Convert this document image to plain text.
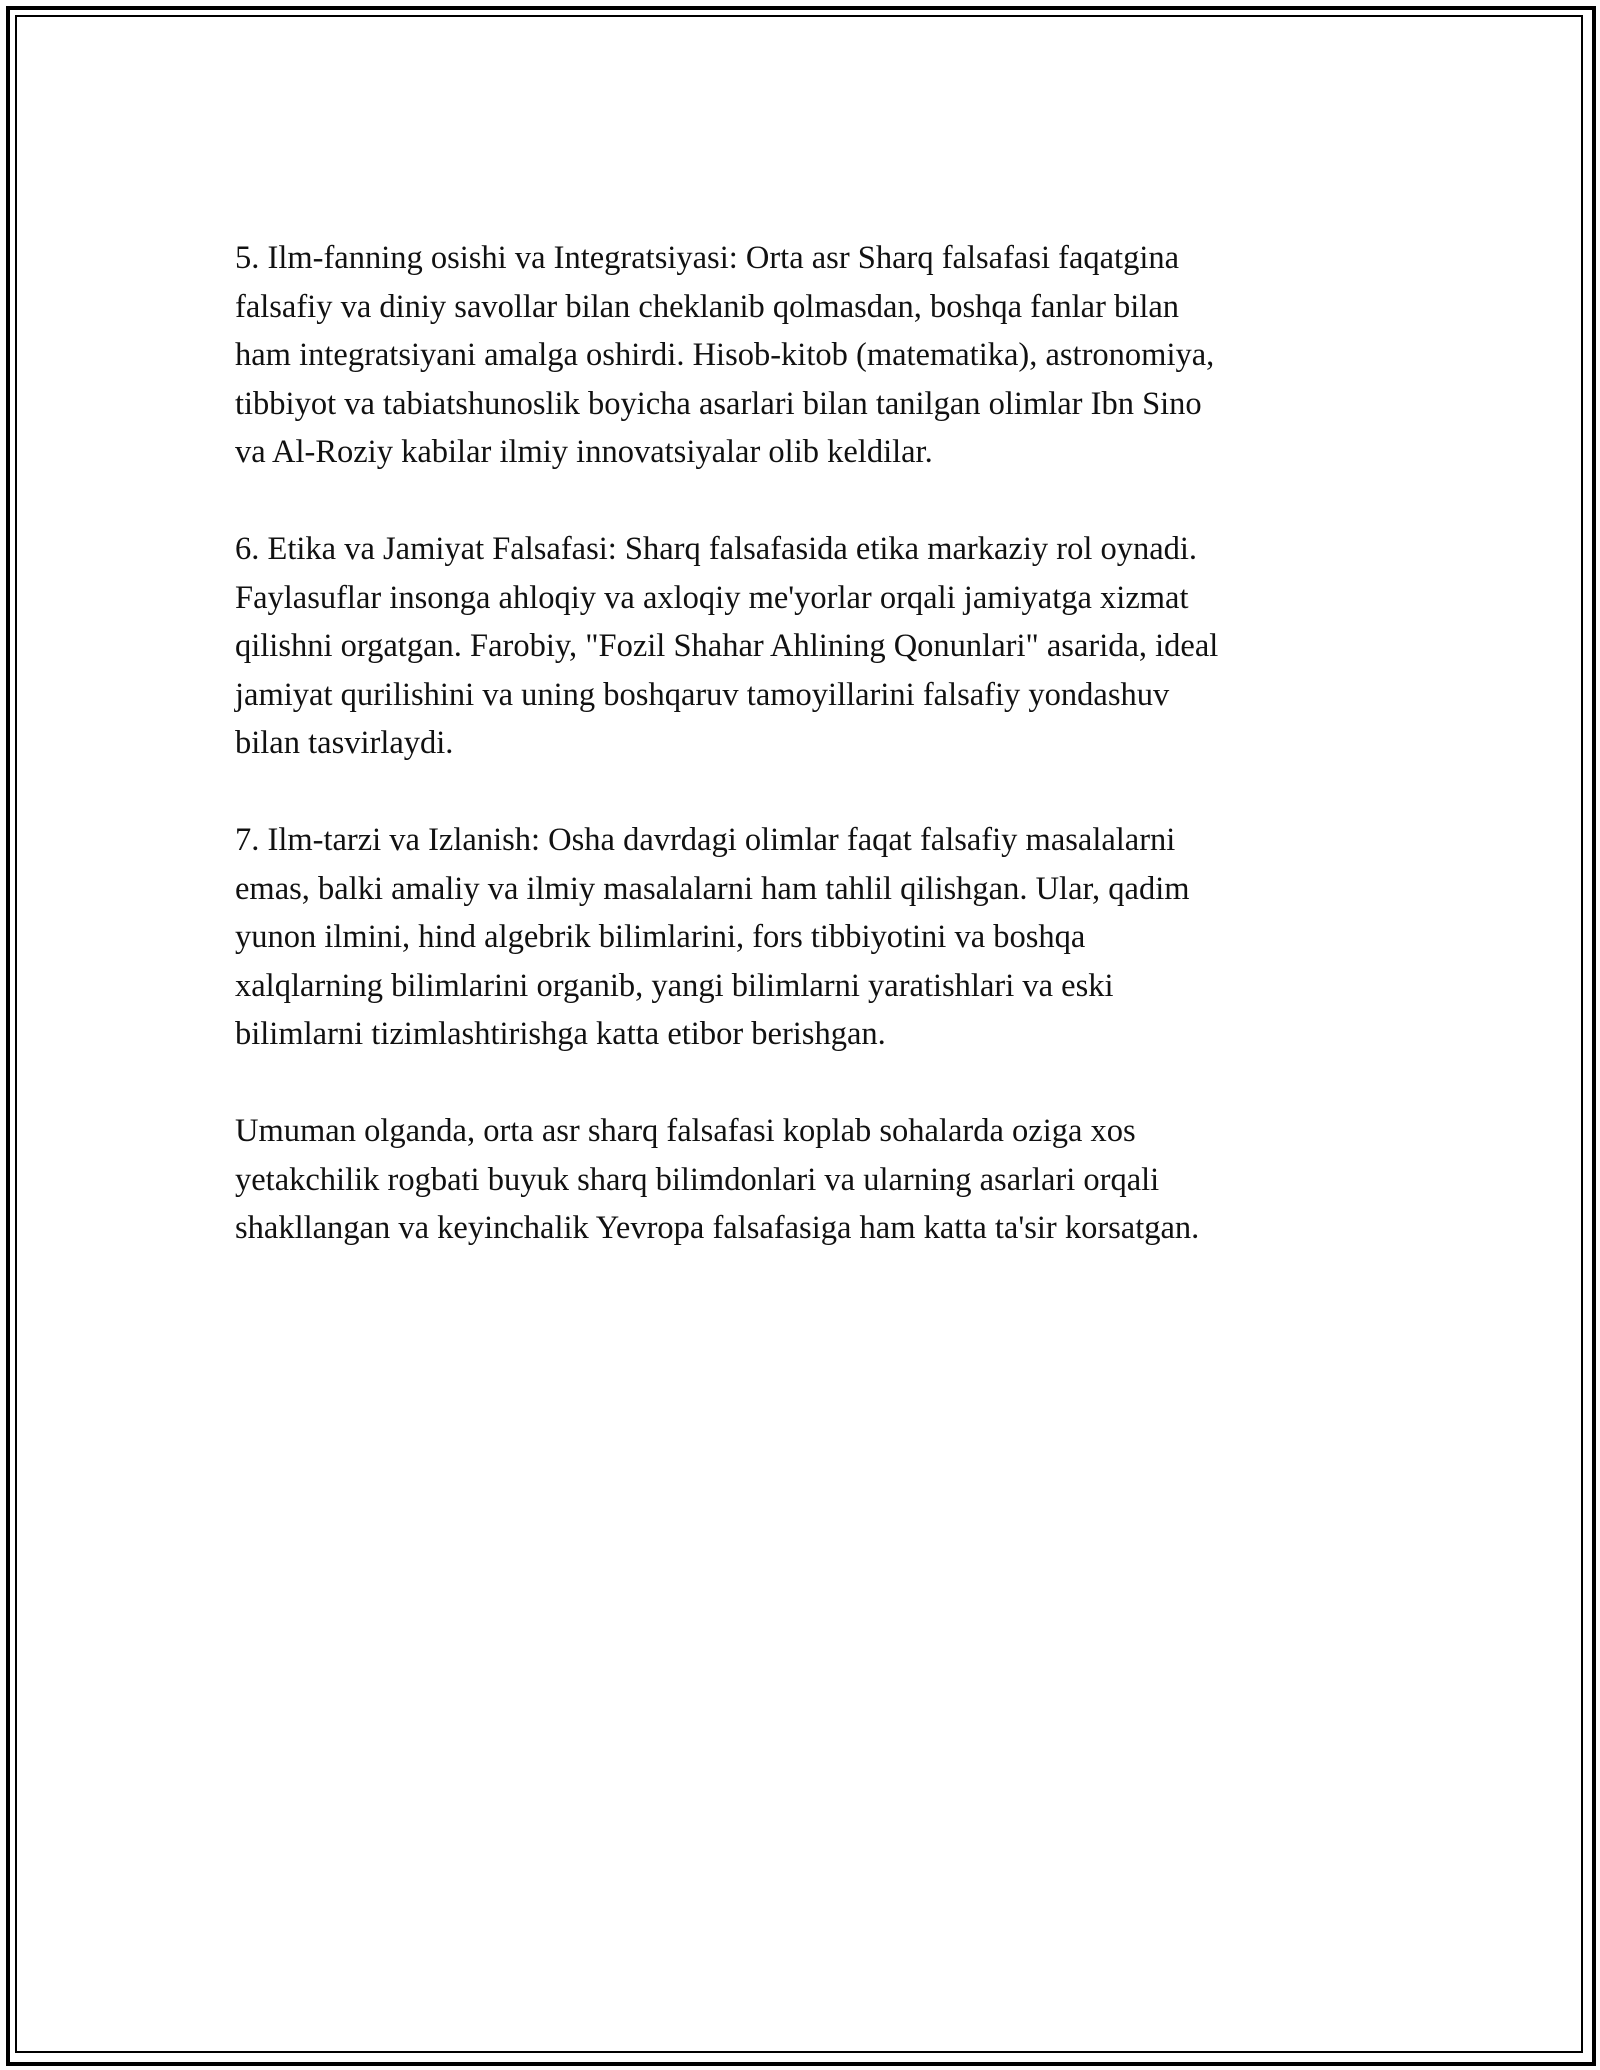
5. Ilm-fanning osishi va Integratsiyasi: Orta asr Sharq falsafasi faqatgina
falsafiy va diniy savollar bilan cheklanib qolmasdan, boshqa fanlar bilan
ham integratsiyani amalga oshirdi. Hisob-kitob (matematika), astronomiya,
tibbiyot va tabiatshunoslik boyicha asarlari bilan tanilgan olimlar Ibn Sino
va Al-Roziy kabilar ilmiy innovatsiyalar olib keldilar.

6. Etika va Jamiyat Falsafasi: Sharq falsafasida etika markaziy rol oynadi.
Faylasuflar insonga ahloqiy va axloqiy me'yorlar orqali jamiyatga xizmat
qilishni orgatgan. Farobiy, "Fozil Shahar Ahlining Qonunlari" asarida, ideal
jamiyat qurilishini va uning boshqaruv tamoyillarini falsafiy yondashuv
bilan tasvirlaydi.

7. Ilm-tarzi va Izlanish: Osha davrdagi olimlar faqat falsafiy masalalarni
emas, balki amaliy va ilmiy masalalarni ham tahlil qilishgan. Ular, qadim
yunon ilmini, hind algebrik bilimlarini, fors tibbiyotini va boshqa
xalqlarning bilimlarini organib, yangi bilimlarni yaratishlari va eski
bilimlarni tizimlashtirishga katta etibor berishgan.

Umuman olganda, orta asr sharq falsafasi koplab sohalarda oziga xos
yetakchilik rogbati buyuk sharq bilimdonlari va ularning asarlari orqali
shakllangan va keyinchalik Yevropa falsafasiga ham katta ta'sir korsatgan.
